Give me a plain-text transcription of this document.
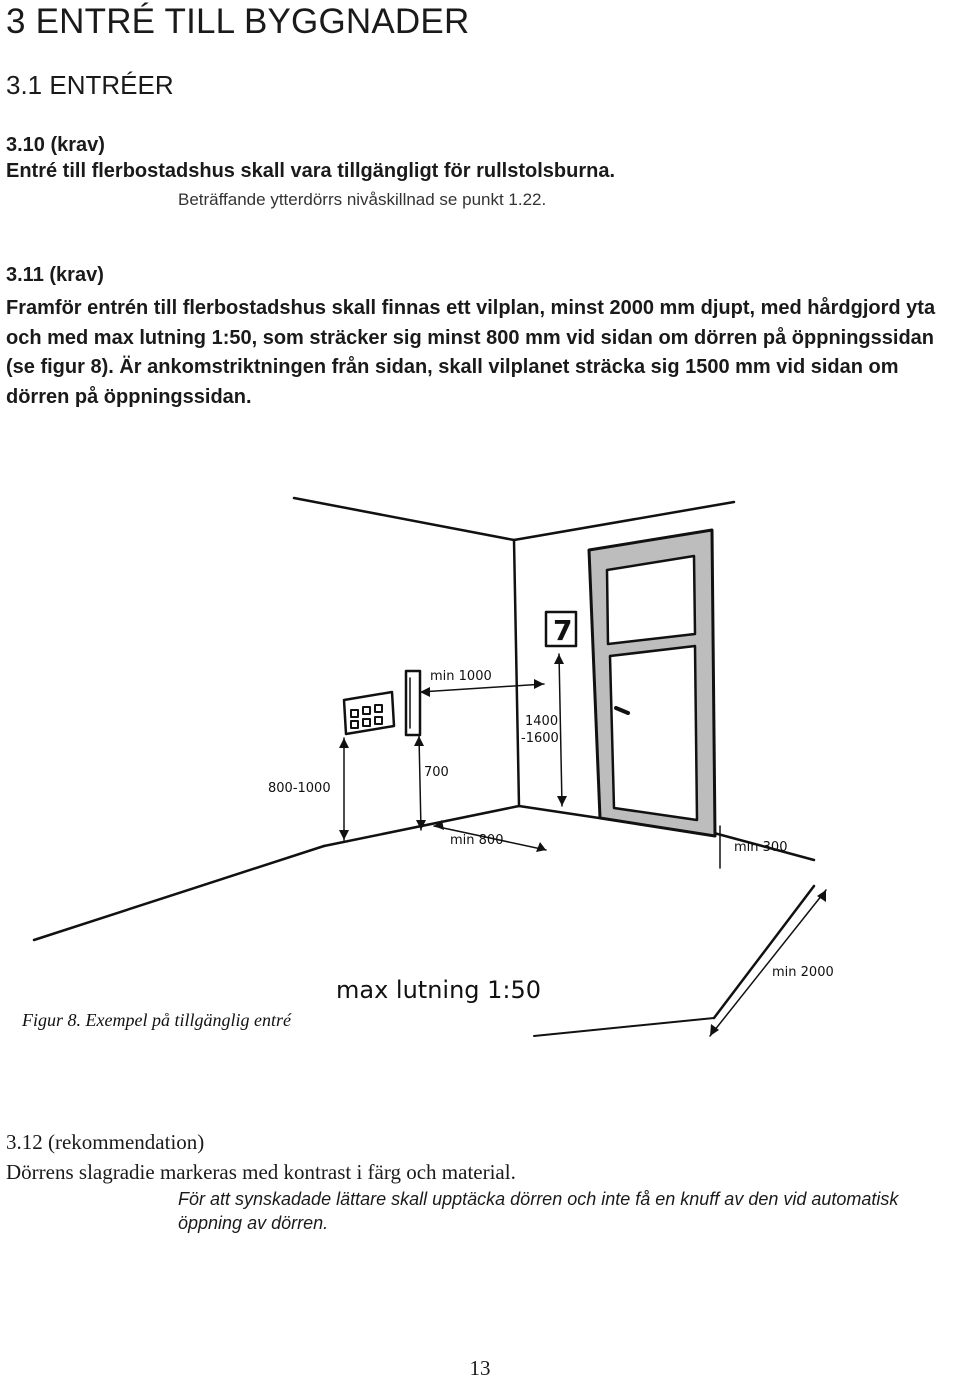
3 ENTRÉ TILL BYGGNADER
3.1 ENTRÉER
3.10 (krav)
Entré till flerbostadshus skall vara tillgängligt för rullstolsburna.
Beträffande ytterdörrs nivåskillnad se punkt 1.22.
3.11 (krav)
Framför entrén till flerbostadshus skall finnas ett vilplan, minst 2000 mm djupt, med hårdgjord yta och med max lutning 1:50, som sträcker sig minst 800 mm vid sidan om dörren på öppningssidan (se figur 8). Är ankomstriktningen från sidan, skall vilplanet sträcka sig 1500 mm vid sidan om dörren på öppningssidan.
7
min 1000
1400
-1600
700
800-1000
min 800	min 300
min 2000
max lutning 1:50
Figur 8. Exempel på tillgänglig entré
3.12 (rekommendation)
Dörrens slagradie markeras med kontrast i färg och material.
För att synskadade lättare skall upptäcka dörren och inte få en knuff av den vid automatisk öppning av dörren.
13
